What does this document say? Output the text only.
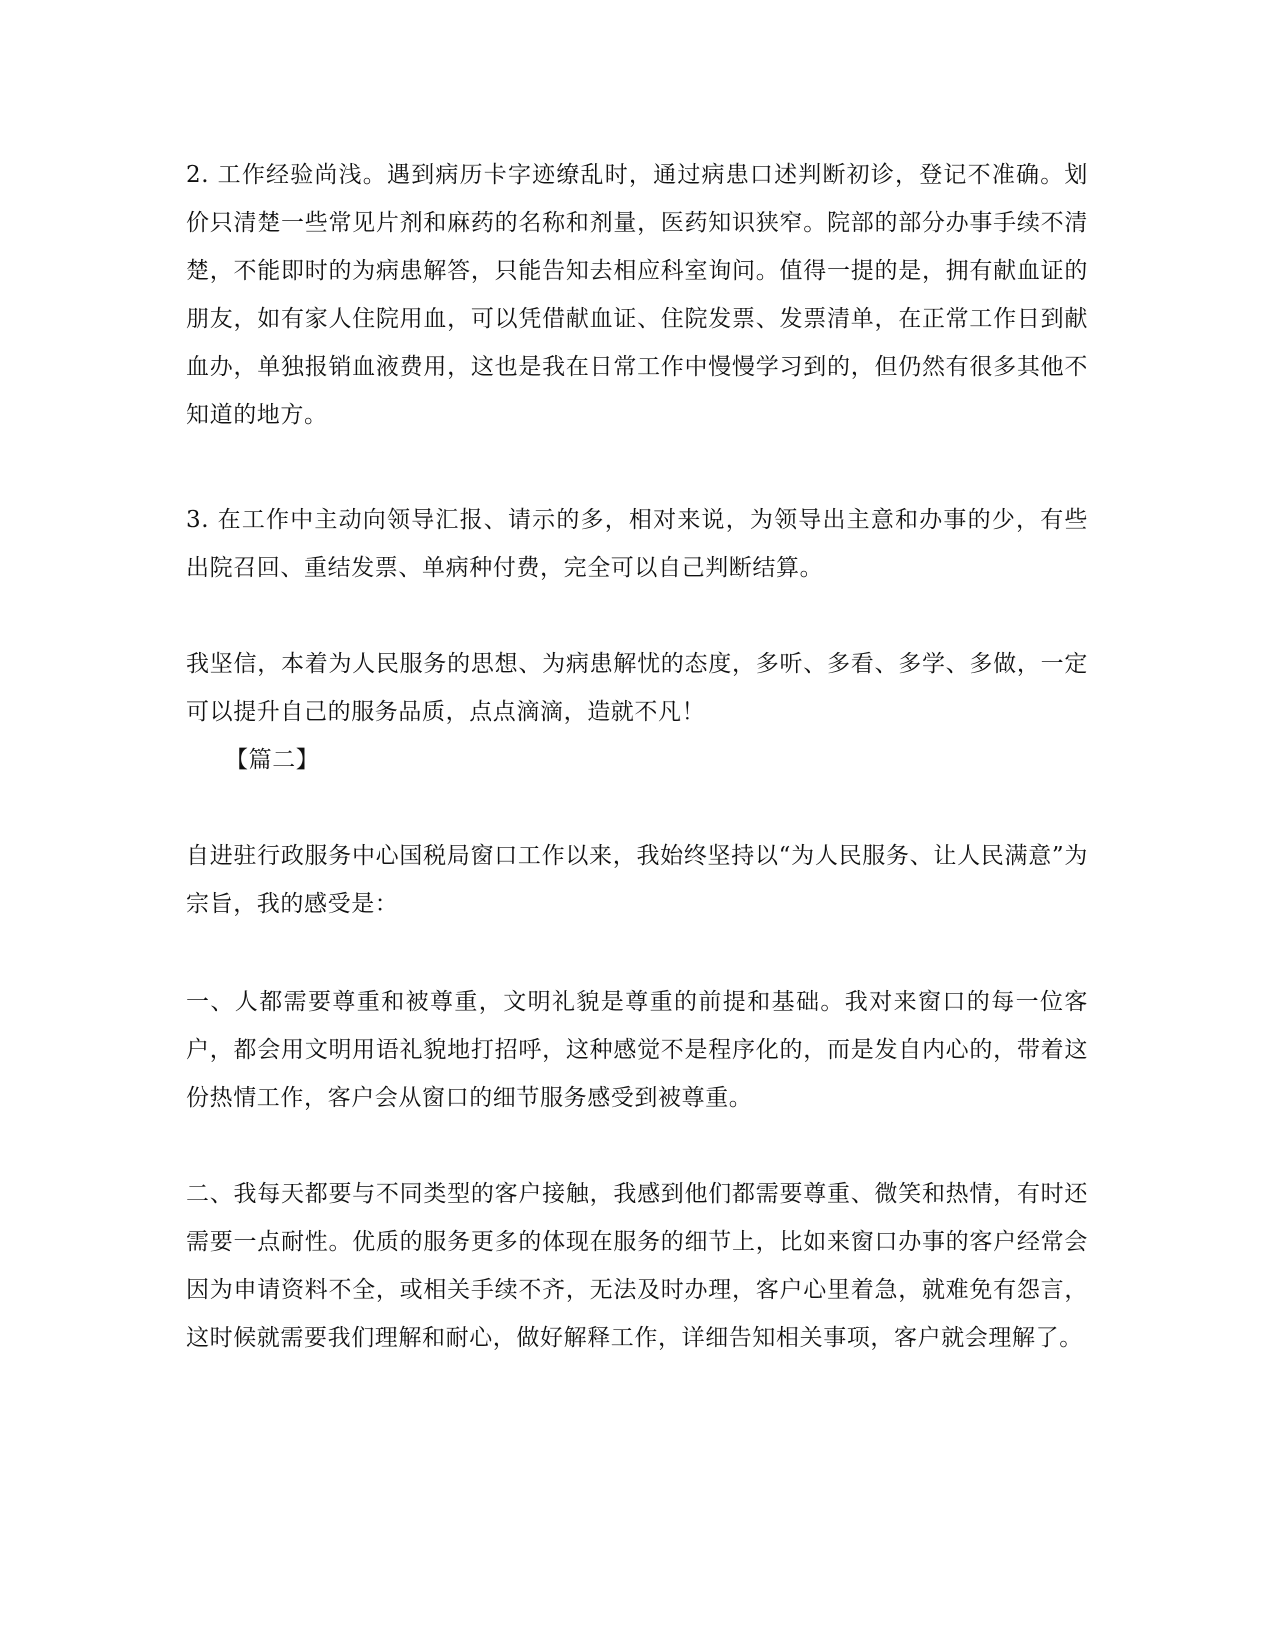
2. 工作经验尚浅。遇到病历卡字迹缭乱时，通过病患口述判断初诊，登记不准确。划价只清楚一些常见片剂和麻药的名称和剂量，医药知识狭窄。院部的部分办事手续不清楚，不能即时的为病患解答，只能告知去相应科室询问。值得一提的是，拥有献血证的朋友，如有家人住院用血，可以凭借献血证、住院发票、发票清单，在正常工作日到献血办，单独报销血液费用，这也是我在日常工作中慢慢学习到的，但仍然有很多其他不知道的地方。

3. 在工作中主动向领导汇报、请示的多，相对来说，为领导出主意和办事的少，有些出院召回、重结发票、单病种付费，完全可以自己判断结算。

我坚信，本着为人民服务的思想、为病患解忧的态度，多听、多看、多学、多做，一定可以提升自己的服务品质，点点滴滴，造就不凡！

【篇二】

自进驻行政服务中心国税局窗口工作以来，我始终坚持以“为人民服务、让人民满意”为宗旨，我的感受是：

一、人都需要尊重和被尊重，文明礼貌是尊重的前提和基础。我对来窗口的每一位客户，都会用文明用语礼貌地打招呼，这种感觉不是程序化的，而是发自内心的，带着这份热情工作，客户会从窗口的细节服务感受到被尊重。

二、我每天都要与不同类型的客户接触，我感到他们都需要尊重、微笑和热情，有时还需要一点耐性。优质的服务更多的体现在服务的细节上，比如来窗口办事的客户经常会因为申请资料不全，或相关手续不齐，无法及时办理，客户心里着急，就难免有怨言，这时候就需要我们理解和耐心，做好解释工作，详细告知相关事项，客户就会理解了。
